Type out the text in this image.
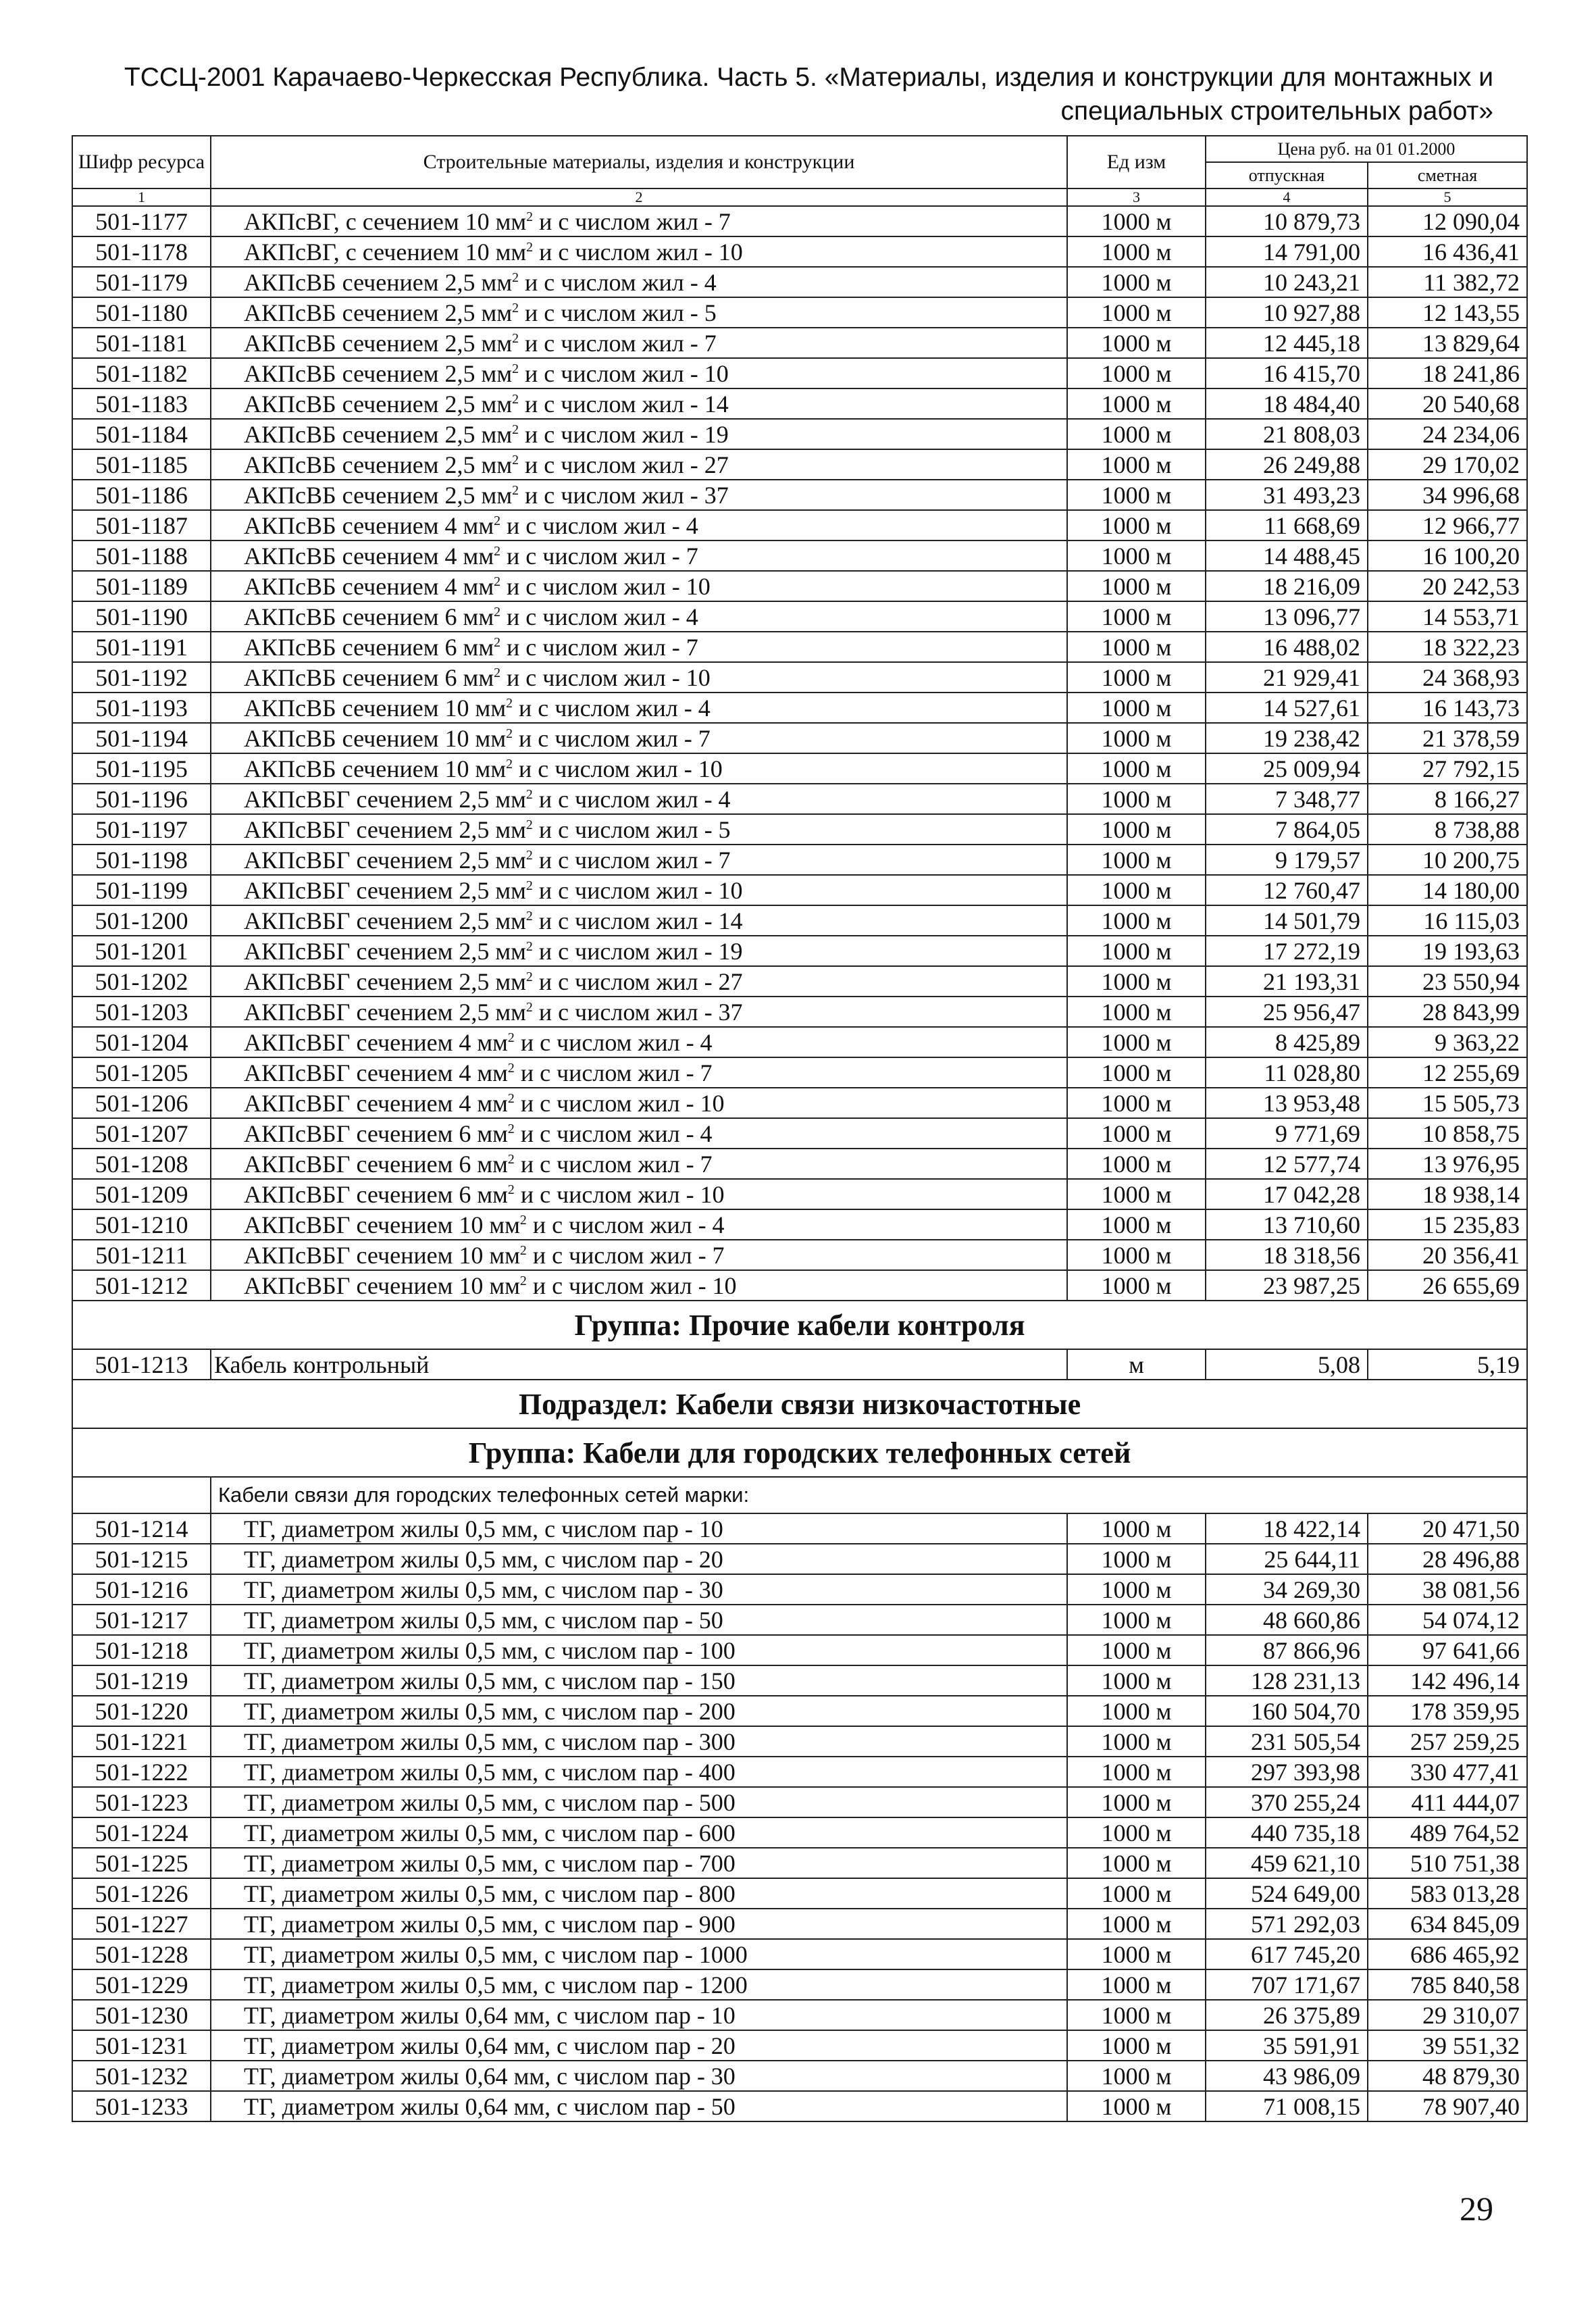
ТССЦ-2001 Карачаево-Черкесская Республика. Часть 5. «Материалы, изделия и конструкции для монтажных и
специальных строительных работ»
Шифр ресурса	Строительные материалы, изделия и конструкции	Ед изм	Цена руб. на 01 01.2000	
			отпускная	сметная
1	2	3	4	5
501-1177	АКПсВГ, с сечением 10 $мм^2$ и с числом жил - 7	1000 м	10 879,73	12 090,04
501-1178	АКПсВГ, с сечением 10 $мм^2$ и с числом жил - 10	1000 м	14 791,00	16 436,41
501-1179	АКПсВБ сечением 2,5 $мм^2$ и с числом жил - 4	1000 м	10 243,21	11 382,72
501-1180	АКПсВБ сечением 2,5 $мм^2$ и с числом жил - 5	1000 м	10 927,88	12 143,55
501-1181	АКПсВБ сечением 2,5 $мм^2$ и с числом жил - 7	1000 м	12 445,18	13 829,64
501-1182	АКПсВБ сечением 2,5 $мм^2$ и с числом жил - 10	1000 м	16 415,70	18 241,86
501-1183	АКПсВБ сечением 2,5 $мм^2$ и с числом жил - 14	1000 м	18 484,40	20 540,68
501-1184	АКПсВБ сечением 2,5 $мм^2$ и с числом жил - 19	1000 м	21 808,03	24 234,06
501-1185	АКПсВБ сечением 2,5 $мм^2$ и с числом жил - 27	1000 м	26 249,88	29 170,02
501-1186	АКПсВБ сечением 2,5 $мм^2$ и с числом жил - 37	1000 м	31 493,23	34 996,68
501-1187	АКПсВБ сечением 4 $мм^2$ и с числом жил - 4	1000 м	11 668,69	12 966,77
501-1188	АКПсВБ сечением 4 $мм^2$ и с числом жил - 7	1000 м	14 488,45	16 100,20
501-1189	АКПсВБ сечением 4 $мм^2$ и с числом жил - 10	1000 м	18 216,09	20 242,53
501-1190	АКПсВБ сечением 6 $мм^2$ и с числом жил - 4	1000 м	13 096,77	14 553,71
501-1191	АКПсВБ сечением 6 $мм^2$ и с числом жил - 7	1000 м	16 488,02	18 322,23
501-1192	АКПсВБ сечением 6 $мм^2$ и с числом жил - 10	1000 м	21 929,41	24 368,93
501-1193	АКПсВБ сечением 10 $мм^2$ и с числом жил - 4	1000 м	14 527,61	16 143,73
501-1194	АКПсВБ сечением 10 $мм^2$ и с числом жил - 7	1000 м	19 238,42	21 378,59
501-1195	АКПсВБ сечением 10 $мм^2$ и с числом жил - 10	1000 м	25 009,94	27 792,15
501-1196	АКПсВБГ сечением 2,5 $мм^2$ и с числом жил - 4	1000 м	7 348,77	8 166,27
501-1197	АКПсВБГ сечением 2,5 $мм^2$ и с числом жил - 5	1000 м	7 864,05	8 738,88
501-1198	АКПсВБГ сечением 2,5 $мм^2$ и с числом жил - 7	1000 м	9 179,57	10 200,75
501-1199	АКПсВБГ сечением 2,5 $мм^2$ и с числом жил - 10	1000 м	12 760,47	14 180,00
501-1200	АКПсВБГ сечением 2,5 $мм^2$ и с числом жил - 14	1000 м	14 501,79	16 115,03
501-1201	АКПсВБГ сечением 2,5 $мм^2$ и с числом жил - 19	1000 м	17 272,19	19 193,63
501-1202	АКПсВБГ сечением 2,5 $мм^2$ и с числом жил - 27	1000 м	21 193,31	23 550,94
501-1203	АКПсВБГ сечением 2,5 $мм^2$ и с числом жил - 37	1000 м	25 956,47	28 843,99
501-1204	АКПсВБГ сечением 4 $мм^2$ и с числом жил - 4	1000 м	8 425,89	9 363,22
501-1205	АКПсВБГ сечением 4 $мм^2$ и с числом жил - 7	1000 м	11 028,80	12 255,69
501-1206	АКПсВБГ сечением 4 $мм^2$ и с числом жил - 10	1000 м	13 953,48	15 505,73
501-1207	АКПсВБГ сечением 6 $мм^2$ и с числом жил - 4	1000 м	9 771,69	10 858,75
501-1208	АКПсВБГ сечением 6 $мм^2$ и с числом жил - 7	1000 м	12 577,74	13 976,95
501-1209	АКПсВБГ сечением 6 $мм^2$ и с числом жил - 10	1000 м	17 042,28	18 938,14
501-1210	АКПсВБГ сечением 10 $мм^2$ и с числом жил - 4	1000 м	13 710,60	15 235,83
501-1211	АКПсВБГ сечением 10 $мм^2$ и с числом жил - 7	1000 м	18 318,56	20 356,41
501-1212	АКПсВБГ сечением 10 $мм^2$ и с числом жил - 10	1000 м	23 987,25	26 655,69
Группа: Прочие кабели контроля				
501-1213	Кабель контрольный	м	5,08	5,19
Подраздел: Кабели связи низкочастотные				
Группа: Кабели для городских телефонных сетей				
	Кабели связи для городских телефонных сетей марки:			
501-1214	ТГ, диаметром жилы 0,5 мм, с числом пар - 10	1000 м	18 422,14	20 471,50
501-1215	ТГ, диаметром жилы 0,5 мм, с числом пар - 20	1000 м	25 644,11	28 496,88
501-1216	ТГ, диаметром жилы 0,5 мм, с числом пар - 30	1000 м	34 269,30	38 081,56
501-1217	ТГ, диаметром жилы 0,5 мм, с числом пар - 50	1000 м	48 660,86	54 074,12
501-1218	ТГ, диаметром жилы 0,5 мм, с числом пар - 100	1000 м	87 866,96	97 641,66
501-1219	ТГ, диаметром жилы 0,5 мм, с числом пар - 150	1000 м	128 231,13	142 496,14
501-1220	ТГ, диаметром жилы 0,5 мм, с числом пар - 200	1000 м	160 504,70	178 359,95
501-1221	ТГ, диаметром жилы 0,5 мм, с числом пар - 300	1000 м	231 505,54	257 259,25
501-1222	ТГ, диаметром жилы 0,5 мм, с числом пар - 400	1000 м	297 393,98	330 477,41
501-1223	ТГ, диаметром жилы 0,5 мм, с числом пар - 500	1000 м	370 255,24	411 444,07
501-1224	ТГ, диаметром жилы 0,5 мм, с числом пар - 600	1000 м	440 735,18	489 764,52
501-1225	ТГ, диаметром жилы 0,5 мм, с числом пар - 700	1000 м	459 621,10	510 751,38
501-1226	ТГ, диаметром жилы 0,5 мм, с числом пар - 800	1000 м	524 649,00	583 013,28
501-1227	ТГ, диаметром жилы 0,5 мм, с числом пар - 900	1000 м	571 292,03	634 845,09
501-1228	ТГ, диаметром жилы 0,5 мм, с числом пар - 1000	1000 м	617 745,20	686 465,92
501-1229	ТГ, диаметром жилы 0,5 мм, с числом пар - 1200	1000 м	707 171,67	785 840,58
501-1230	ТГ, диаметром жилы 0,64 мм, с числом пар - 10	1000 м	26 375,89	29 310,07
501-1231	ТГ, диаметром жилы 0,64 мм, с числом пар - 20	1000 м	35 591,91	39 551,32
501-1232	ТГ, диаметром жилы 0,64 мм, с числом пар - 30	1000 м	43 986,09	48 879,30
501-1233	ТГ, диаметром жилы 0,64 мм, с числом пар - 50	1000 м	71 008,15	78 907,40
29
